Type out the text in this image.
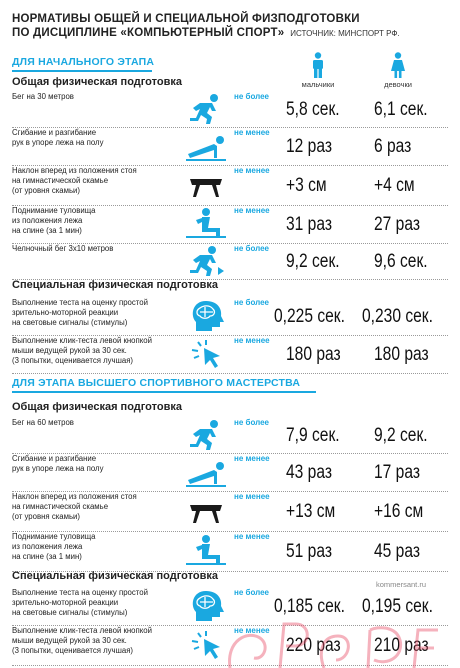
НОРМАТИВЫ ОБЩЕЙ И СПЕЦИАЛЬНОЙ ФИЗПОДГОТОВКИ
ПО ДИСЦИПЛИНЕ «КОМПЬЮТЕРНЫЙ СПОРТ» ИСТОЧНИК: МИНСПОРТ РФ.
мальчики	девочки
ДЛЯ НАЧАЛЬНОГО ЭТАПА
Общая физическая подготовка
Бег на 30 метров	не более
5,8 сек. 6,1 сек.
Сгибание и разгибание
рук в упоре лежа на полу
не менее
12 раз 6 раз
Наклон вперед из положения стоя
на гимнастической скамье
(от уровня скамьи)
не менее
+3 см +4 см
Поднимание туловища
из положения лежа
на спине (за 1 мин)
не менее
31 раз 27 раз
Челночный бег 3х10 метров	не более
9,2 сек. 9,6 сек.
Специальная физическая подготовка
Выполнение теста на оценку простой
зрительно-моторной реакции
на световые сигналы (стимулы)
не более
0,225 сек. 0,230 сек.
Выполнение клик-теста левой кнопкой
мыши ведущей рукой за 30 сек.
(3 попытки, оценивается лучшая)
не менее
180 раз 180 раз
ДЛЯ ЭТАПА ВЫСШЕГО СПОРТИВНОГО МАСТЕРСТВА
Общая физическая подготовка
Бег на 60 метров	не более
7,9 сек. 9,2 сек.
Сгибание и разгибание
рук в упоре лежа на полу
не менее
43 раз 17 раз
Наклон вперед из положения стоя
на гимнастической скамье
(от уровня скамьи)
не менее
+13 см +16 см
Поднимание туловища
из положения лежа
на спине (за 1 мин)
не менее
51 раз 45 раз
Специальная физическая подготовка
kommersant.ru
Выполнение теста на оценку простой
зрительно-моторной реакции
на световые сигналы (стимулы)
не более
0,185 сек. 0,195 сек.
Выполнение клик-теста левой кнопкой
мыши ведущей рукой за 30 сек.
(3 попытки, оценивается лучшая)
не менее
220 раз 210 раз
